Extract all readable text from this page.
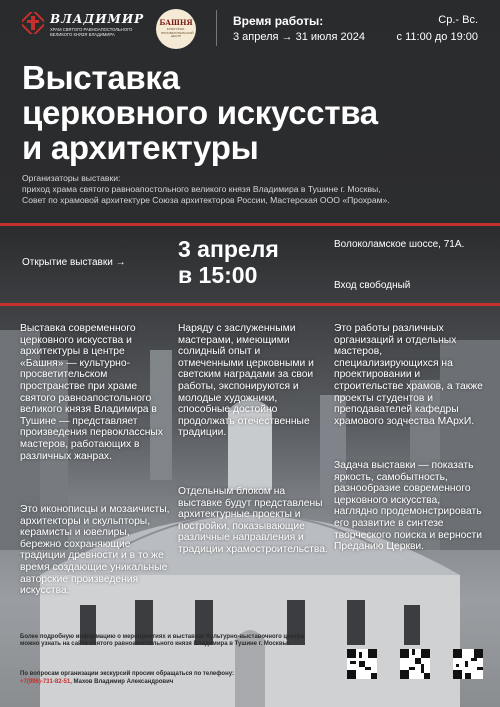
ВЛАДИМИР
ХРАМ СВЯТОГО РАВНОАПОСТОЛЬНОГО ВЕЛИКОГО КНЯЗЯ ВЛАДИМИРА
БАШНЯ
КУЛЬТУРНО-ПРОСВЕТИТЕЛЬСКИЙ ЦЕНТР
Время работы:
3 апреля → 31 июля 2024
Ср.- Вс.
с 11:00 до 19:00
Выставка
церковного искусства
и архитектуры
Организаторы выставки:
приход храма святого равноапостольного великого князя Владимира в Тушине г. Москвы,
Совет по храмовой архитектуре Союза архитекторов России, Мастерская ООО «Прохрам».
Открытие выставки →
3 апреля
в 15:00
Волоколамское шоссе, 71А.
Вход свободный
Выставка современного церковного искусства и архитектуры в центре «Башня» — культурно-просветительском пространстве при храме святого равноапостольного великого князя Владимира в Тушине — представляет произведения первоклассных мастеров, работающих в различных жанрах.
Это иконописцы и мозаичисты, архитекторы и скульпторы, керамисты и ювелиры, бережно сохраняющие традиции древности и в то же время создающие уникальные авторские произведения искусства.
Наряду с заслуженными мастерами, имеющими солидный опыт и отмеченными церковными и светским наградами за свои работы, экспонируются и молодые художники, способные достойно продолжать отечественные традиции.
Отдельным блоком на выставке будут представлены архитектурные проекты и постройки, показывающие различные направления и традиции храмостроительства.
Это работы различных организаций и отдельных мастеров, специализирующихся на проектировании и строительстве храмов, а также проекты студентов и преподавателей кафедры храмового зодчества МАрхИ.
Задача выставки — показать яркость, самобытность, разнообразие современного церковного искусства, наглядно продемонстрировать его развитие в синтезе творческого поиска и верности Преданию Церкви.
Более подробную информацию о мероприятиях и выставках Культурно-выставочного центра можно узнать на сайте святого равноапостольного князя Владимира в Тушине г. Москвы.
По вопросам организации экскурсий просим обращаться по телефону:
+7(996)-731-82-51, Махов Владимир Александрович
